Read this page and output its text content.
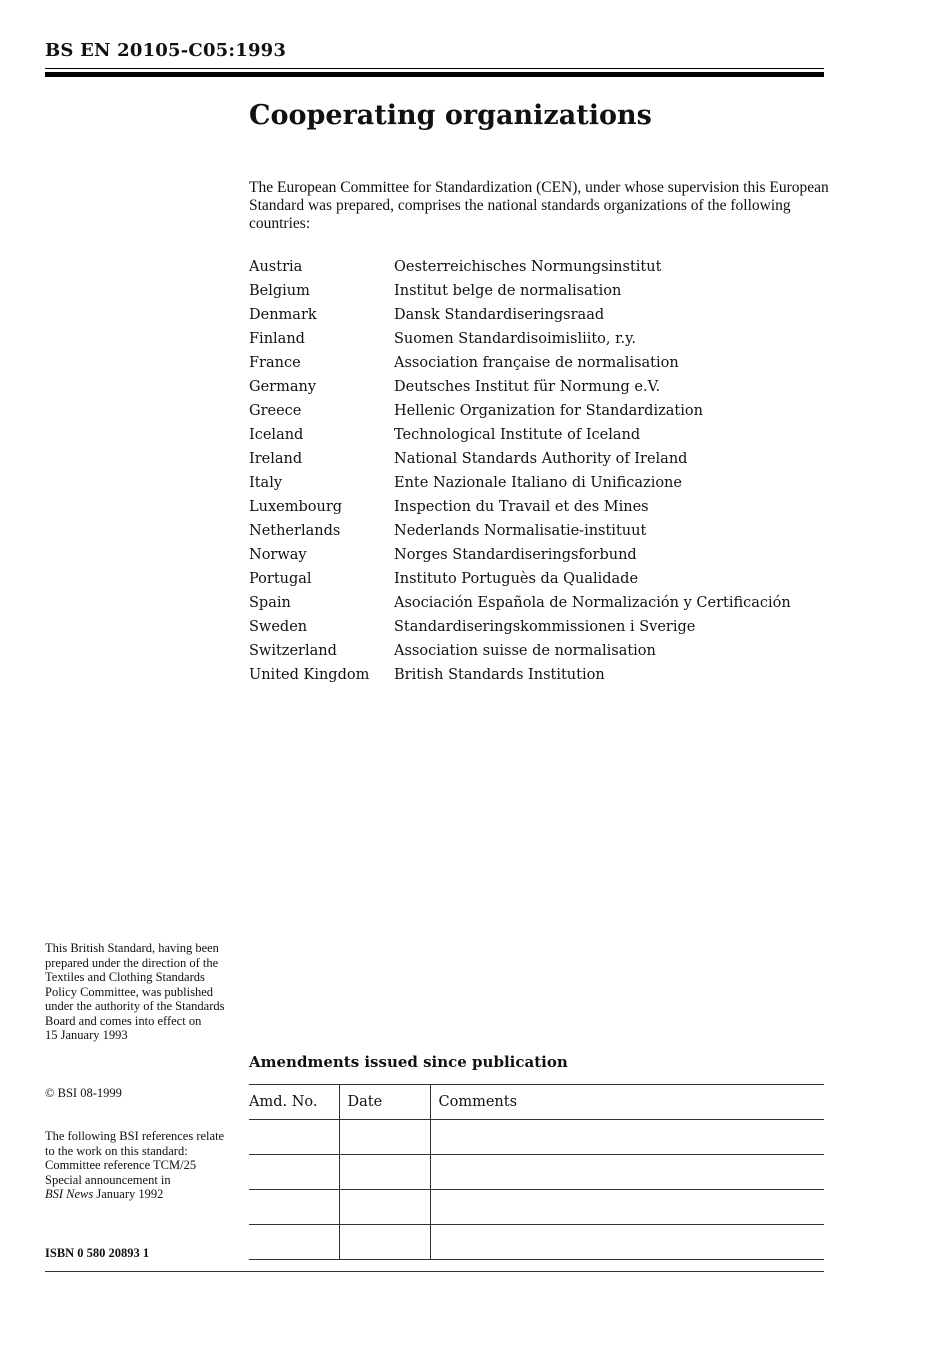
BS EN 20105-C05:1993
Cooperating organizations
The European Committee for Standardization (CEN), under whose supervision this European Standard was prepared, comprises the national standards organizations of the following countries:
Austria	Oesterreichisches Normungsinstitut
Belgium	Institut belge de normalisation
Denmark	Dansk Standardiseringsraad
Finland	Suomen Standardisoimisliito, r.y.
France	Association française de normalisation
Germany	Deutsches Institut für Normung e.V.
Greece	Hellenic Organization for Standardization
Iceland	Technological Institute of Iceland
Ireland	National Standards Authority of Ireland
Italy	Ente Nazionale Italiano di Unificazione
Luxembourg	Inspection du Travail et des Mines
Netherlands	Nederlands Normalisatie-instituut
Norway	Norges Standardiseringsforbund
Portugal	Instituto Portuguès da Qualidade
Spain	Asociación Española de Normalización y Certificación
Sweden	Standardiseringskommissionen i Sverige
Switzerland	Association suisse de normalisation
United Kingdom	British Standards Institution

This British Standard, having been prepared under the direction of the Textiles and Clothing Standards Policy Committee, was published under the authority of the Standards Board and comes into effect on

15 January 1993

© BSI 08-1999

The following BSI references relate to the work on this standard:

Committee reference TCM/25

Special announcement in
BSI News January 1992

ISBN 0 580 20893 1
Amendments issued since publication
Amd. No.	Date	Comments
